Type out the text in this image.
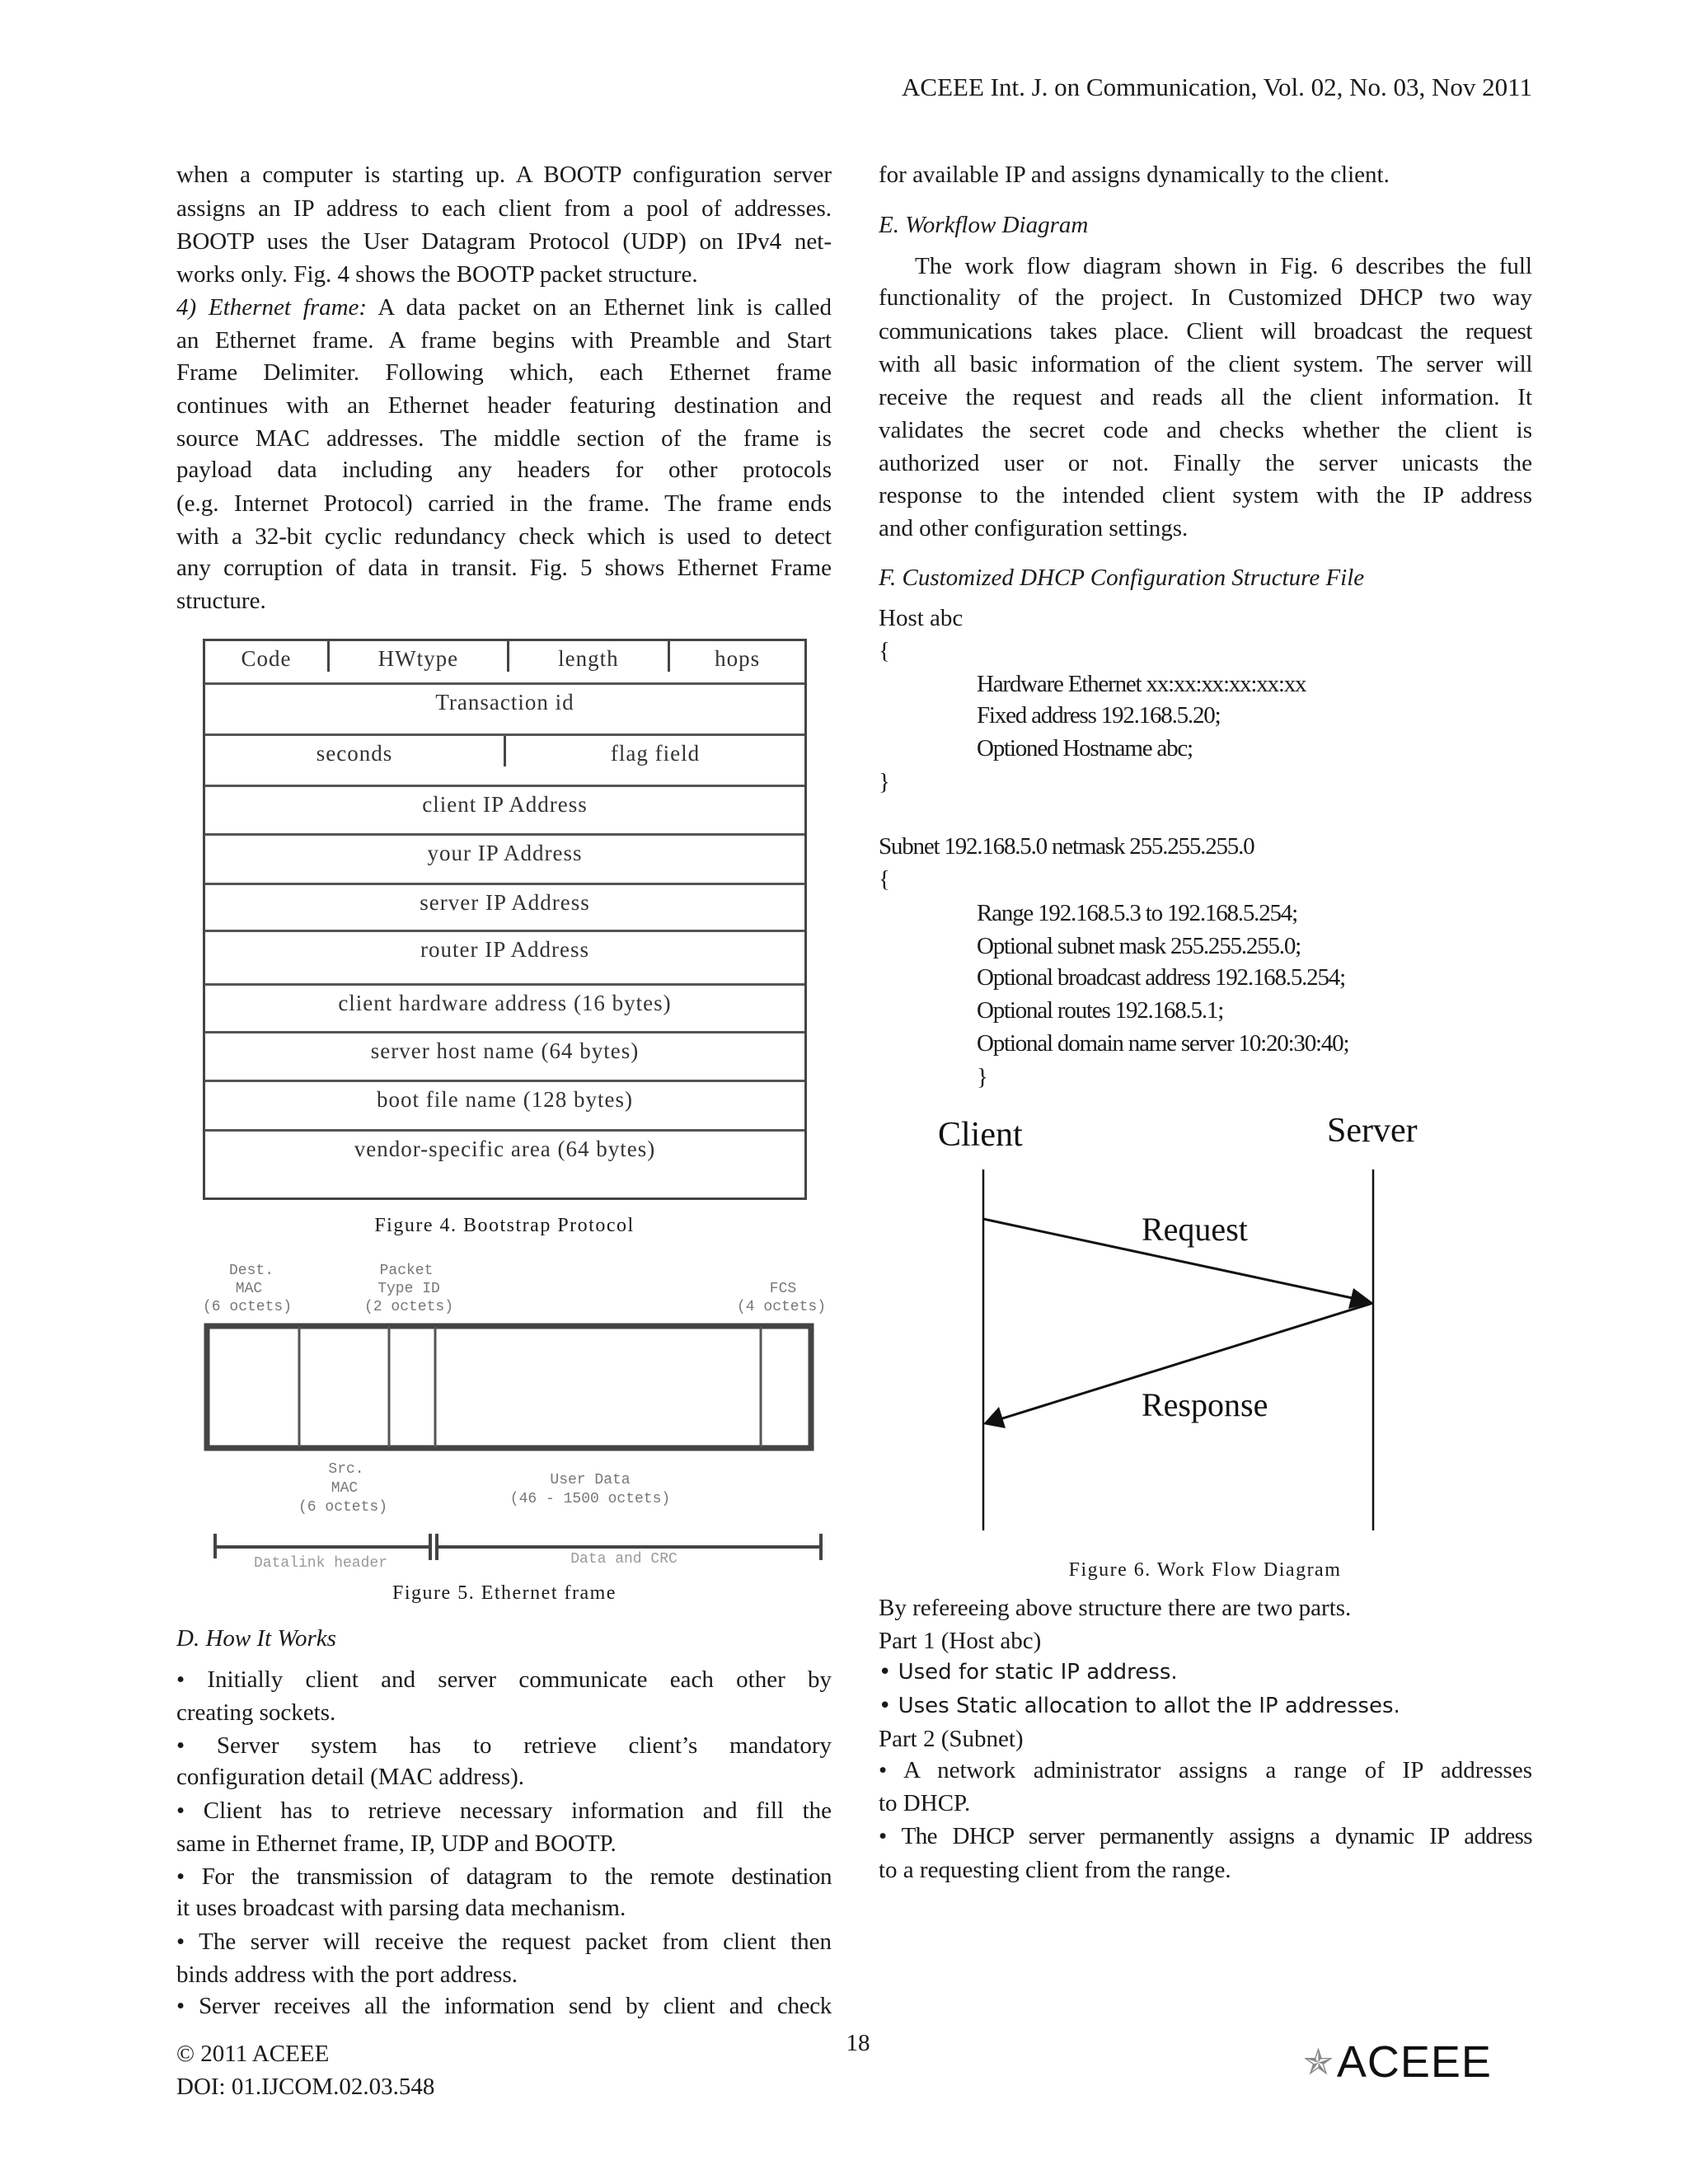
ACEEE Int. J. on Communication, Vol. 02, No. 03, Nov 2011
when a computer is starting up. A BOOTP configuration server
assigns an IP address to each client from a pool of addresses.
BOOTP uses the User Datagram Protocol (UDP) on IPv4 net-
works only. Fig. 4 shows the BOOTP packet structure.
4) Ethernet frame: A data packet on an Ethernet link is called
an Ethernet frame. A frame begins with Preamble and Start
Frame Delimiter. Following which, each Ethernet frame
continues with an Ethernet header featuring destination and
source MAC addresses. The middle section of the frame is
payload data including any headers for other protocols
(e.g. Internet Protocol) carried in the frame. The frame ends
with a 32-bit cyclic redundancy check which is used to detect
any corruption of data in transit. Fig. 5 shows Ethernet Frame
structure.
Code	HWtype	length	hops
Transaction id
seconds	flag field
client IP Address
your IP Address
server IP Address
router IP Address
client hardware address (16 bytes)
server host name (64 bytes)
boot file name (128 bytes)
vendor-specific area (64 bytes)
Figure 4. Bootstrap Protocol
Dest.
MAC
(6 octets)
Packet
Type ID
(2 octets)
FCS
(4 octets)
Src.
MAC
(6 octets)
User Data
(46 - 1500 octets)
Datalink header	Data and CRC
Client	Server
Request
Response
Figure 5. Ethernet frame
D. How It Works
• Initially client and server communicate each other by
creating sockets.
• Server system has to retrieve client’s mandatory
configuration detail (MAC address).
• Client has to retrieve necessary information and fill the
same in Ethernet frame, IP, UDP and BOOTP.
• For the transmission of datagram to the remote destination
it uses broadcast with parsing data mechanism.
• The server will receive the request packet from client then
binds address with the port address.
• Server receives all the information send by client and check
for available IP and assigns dynamically to the client.
E. Workflow Diagram
The work flow diagram shown in Fig. 6 describes the full
functionality of the project. In Customized DHCP two way
communications takes place. Client will broadcast the request
with all basic information of the client system. The server will
receive the request and reads all the client information. It
validates the secret code and checks whether the client is
authorized user or not. Finally the server unicasts the
response to the intended client system with the IP address
and other configuration settings.
F. Customized DHCP Configuration Structure File
Host abc
{
Hardware Ethernet xx:xx:xx:xx:xx:xx
Fixed address 192.168.5.20;
Optioned Hostname abc;
}
Subnet 192.168.5.0 netmask 255.255.255.0
{
Range 192.168.5.3 to 192.168.5.254;
Optional subnet mask 255.255.255.0;
Optional broadcast address 192.168.5.254;
Optional routes 192.168.5.1;
Optional domain name server 10:20:30:40;
}
Figure 6. Work Flow Diagram
By refereeing above structure there are two parts.
Part 1 (Host abc)
• Used for static IP address.
• Uses Static allocation to allot the IP addresses.
Part 2 (Subnet)
• A network administrator assigns a range of IP addresses
to DHCP.
• The DHCP server permanently assigns a dynamic IP address
to a requesting client from the range.
© 2011 ACEEE
DOI: 01.IJCOM.02.03.548
18	✯ ACEEE
